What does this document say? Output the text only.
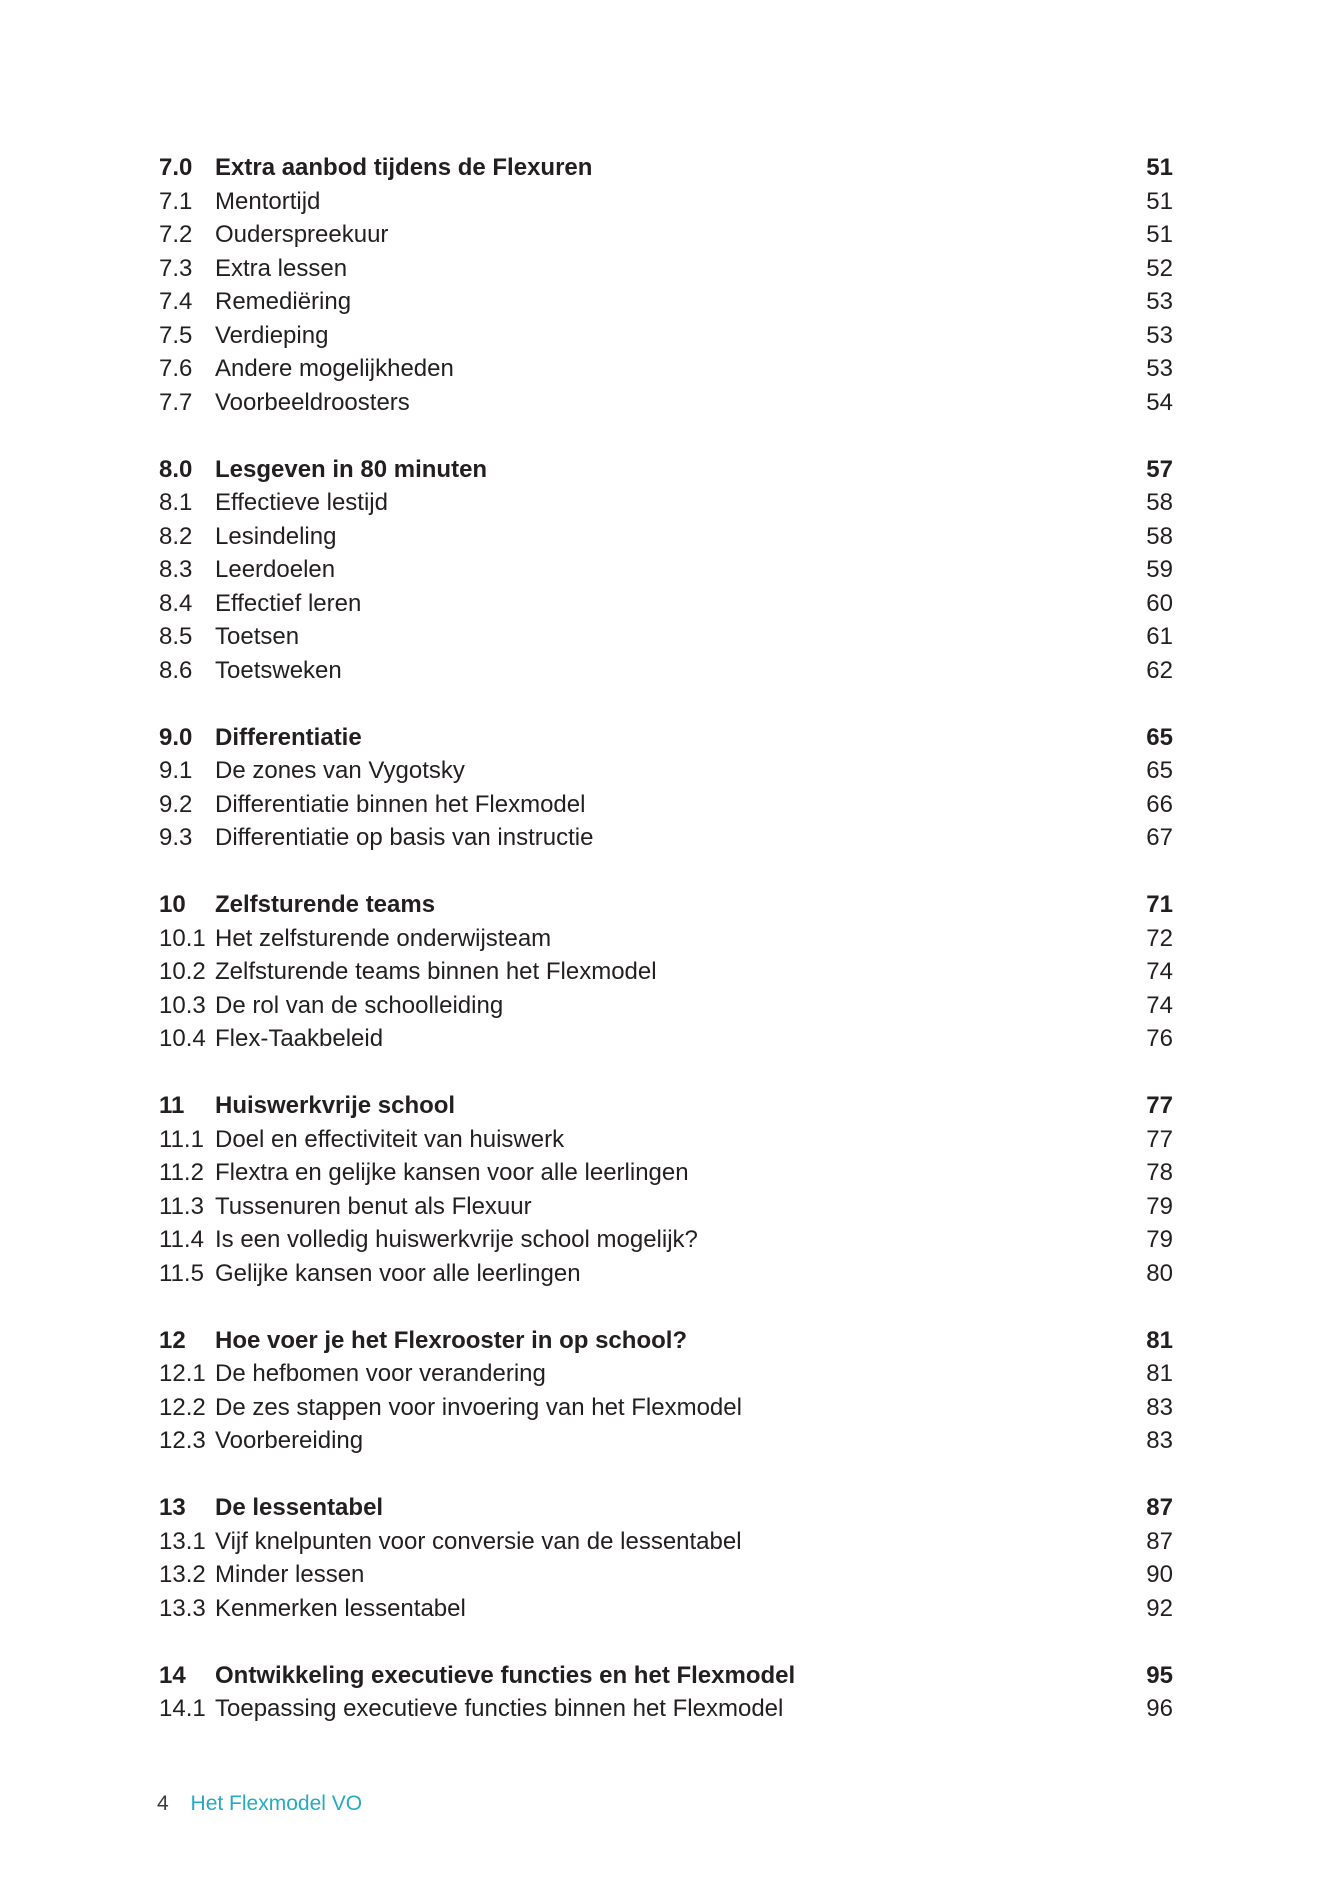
7.0 Extra aanbod tijdens de Flexuren	51
7.1 Mentortijd	51
7.2 Ouderspreekuur	51
7.3 Extra lessen	52
7.4 Remediëring	53
7.5 Verdieping	53
7.6 Andere mogelijkheden	53
7.7 Voorbeeldroosters	54
8.0 Lesgeven in 80 minuten	57
8.1 Effectieve lestijd	58
8.2 Lesindeling	58
8.3 Leerdoelen	59
8.4 Effectief leren	60
8.5 Toetsen	61
8.6 Toetsweken	62
9.0 Differentiatie	65
9.1 De zones van Vygotsky	65
9.2 Differentiatie binnen het Flexmodel	66
9.3 Differentiatie op basis van instructie	67
10	Zelfsturende teams	71
10.1 Het zelfsturende onderwijsteam	72
10.2 Zelfsturende teams binnen het Flexmodel	74
10.3 De rol van de schoolleiding	74
10.4 Flex-Taakbeleid	76
11	Huiswerkvrije school	77
11.1 Doel en effectiviteit van huiswerk	77
11.2 Flextra en gelijke kansen voor alle leerlingen	78
11.3 Tussenuren benut als Flexuur	79
11.4 Is een volledig huiswerkvrije school mogelijk?	79
11.5 Gelijke kansen voor alle leerlingen	80
12	Hoe voer je het Flexrooster in op school?	81
12.1 De hefbomen voor verandering	81
12.2 De zes stappen voor invoering van het Flexmodel	83
12.3 Voorbereiding	83
13	De lessentabel	87
13.1 Vijf knelpunten voor conversie van de lessentabel	87
13.2 Minder lessen	90
13.3 Kenmerken lessentabel	92
14	Ontwikkeling executieve functies en het Flexmodel	95
14.1 Toepassing executieve functies binnen het Flexmodel	96
4 Het Flexmodel VO
